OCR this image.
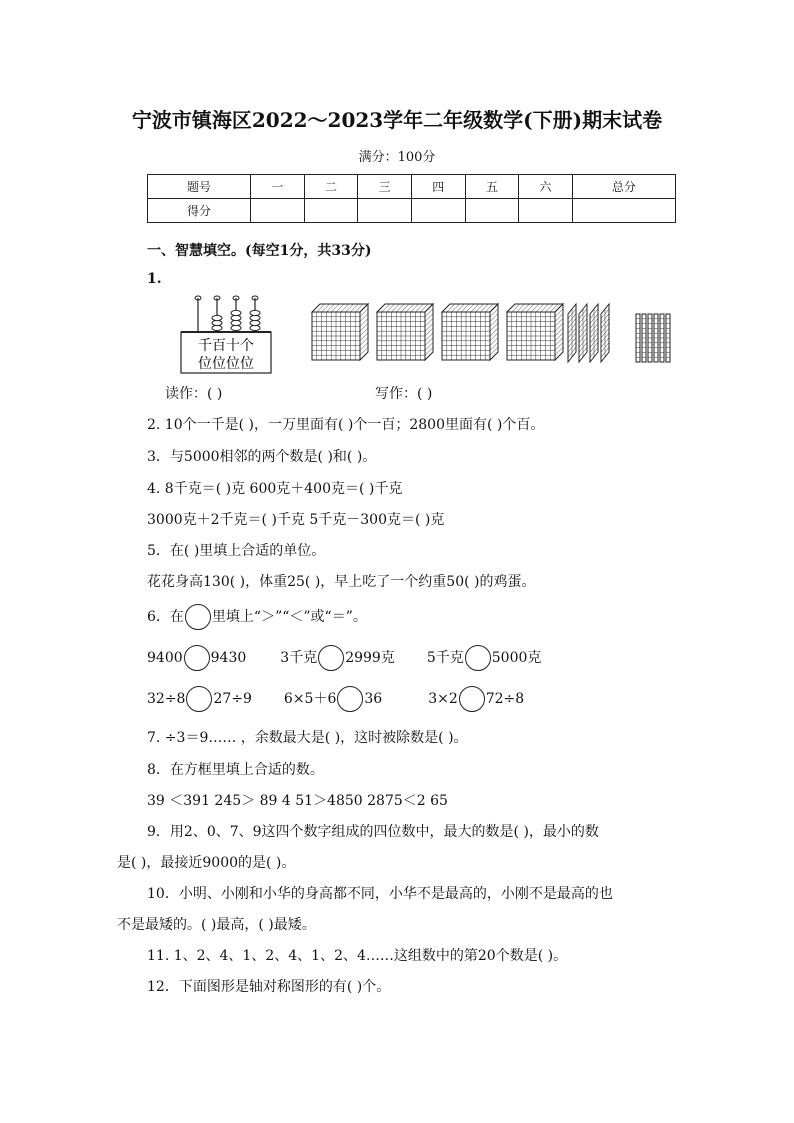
宁波市镇海区2022～2023学年二年级数学(下册)期末试卷
满分：100分
题号	一	二	三	四	五	六	总分
得分							
一、智慧填空。(每空1分，共33分)
1.
千百十个
位位位位
读作：( )	写作：( )
2. 10个一千是( )，一万里面有( )个一百；2800里面有( )个百。
3．与5000相邻的两个数是( )和( )。
4. 8千克＝( )克 600克＋400克＝( )千克
3000克＋2千克＝( )千克 5千克－300克＝( )克
5．在( )里填上合适的单位。
花花身高130( )，体重25( )，早上吃了一个约重50( )的鸡蛋。
6．在 里填上“＞”“＜”或“＝”。
9400 9430 3千克 2999克 5千克 5000克
32÷8 27÷9 6×5＋6 36	3×2 72÷8
7. ÷3＝9…… ，余数最大是( )，这时被除数是( )。
8．在方框里填上合适的数。
39 ＜391 245＞ 89 4 51＞4850 2875＜2 65
9．用2、0、7、9这四个数字组成的四位数中，最大的数是( )，最小的数
是( )，最接近9000的是( )。
10．小明、小刚和小华的身高都不同，小华不是最高的，小刚不是最高的也
不是最矮的。( )最高，( )最矮。
11. 1、2、4、1、2、4、1、2、4……这组数中的第20个数是( )。
12．下面图形是轴对称图形的有( )个。
